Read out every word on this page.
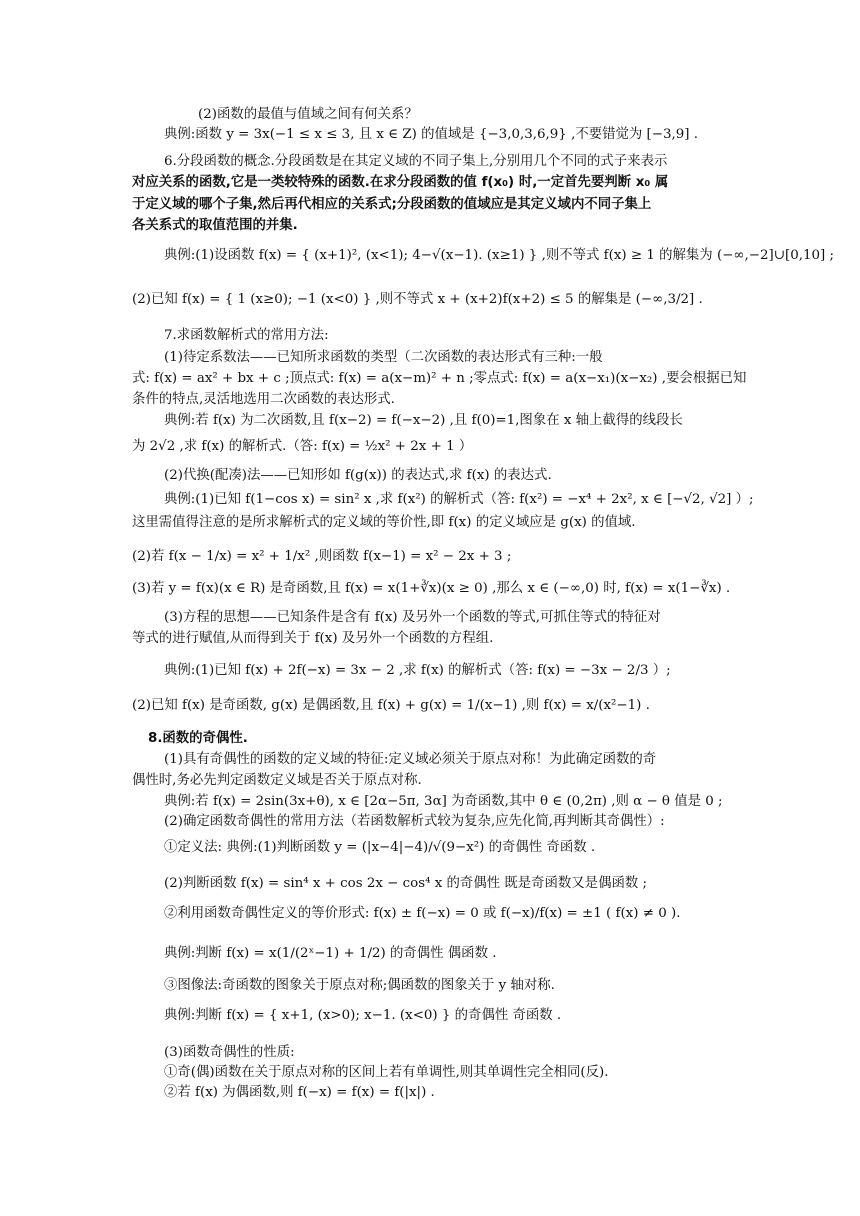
(2)函数的最值与值域之间有何关系？
典例:函数 y = 3x(−1 ≤ x ≤ 3, 且 x ∈ Z) 的值域是 {−3,0,3,6,9} ,不要错觉为 [−3,9] .
6.分段函数的概念.分段函数是在其定义域的不同子集上,分别用几个不同的式子来表示
对应关系的函数,它是一类较特殊的函数.在求分段函数的值 f(x₀) 时,一定首先要判断 x₀ 属
于定义域的哪个子集,然后再代相应的关系式;分段函数的值域应是其定义域内不同子集上
各关系式的取值范围的并集.
典例:(1)设函数 f(x) = { (x+1)², (x<1); 4−√(x−1). (x≥1) } ,则不等式 f(x) ≥ 1 的解集为 (−∞,−2]∪[0,10] ;
(2)已知 f(x) = { 1 (x≥0); −1 (x<0) } ,则不等式 x + (x+2)f(x+2) ≤ 5 的解集是 (−∞,3/2] .
7.求函数解析式的常用方法:
(1)待定系数法——已知所求函数的类型（二次函数的表达形式有三种:一般
式: f(x) = ax² + bx + c ;顶点式: f(x) = a(x−m)² + n ;零点式: f(x) = a(x−x₁)(x−x₂) ,要会根据已知
条件的特点,灵活地选用二次函数的表达形式.
典例:若 f(x) 为二次函数,且 f(x−2) = f(−x−2) ,且 f(0)=1,图象在 x 轴上截得的线段长
为 2√2 ,求 f(x) 的解析式.（答: f(x) = ½x² + 2x + 1 ）
(2)代换(配凑)法——已知形如 f(g(x)) 的表达式,求 f(x) 的表达式.
典例:(1)已知 f(1−cos x) = sin² x ,求 f(x²) 的解析式（答: f(x²) = −x⁴ + 2x², x ∈ [−√2, √2] ）;
这里需值得注意的是所求解析式的定义域的等价性,即 f(x) 的定义域应是 g(x) 的值域.
(2)若 f(x − 1/x) = x² + 1/x² ,则函数 f(x−1) = x² − 2x + 3 ;
(3)若 y = f(x)(x ∈ R) 是奇函数,且 f(x) = x(1+∛x)(x ≥ 0) ,那么 x ∈ (−∞,0) 时, f(x) = x(1−∛x) .
(3)方程的思想——已知条件是含有 f(x) 及另外一个函数的等式,可抓住等式的特征对
等式的进行赋值,从而得到关于 f(x) 及另外一个函数的方程组.
典例:(1)已知 f(x) + 2f(−x) = 3x − 2 ,求 f(x) 的解析式（答: f(x) = −3x − 2/3 ）;
(2)已知 f(x) 是奇函数, g(x) 是偶函数,且 f(x) + g(x) = 1/(x−1) ,则 f(x) = x/(x²−1) .
8.函数的奇偶性.
(1)具有奇偶性的函数的定义域的特征:定义域必须关于原点对称！为此确定函数的奇
偶性时,务必先判定函数定义域是否关于原点对称.
典例:若 f(x) = 2sin(3x+θ), x ∈ [2α−5π, 3α] 为奇函数,其中 θ ∈ (0,2π) ,则 α − θ 值是 0 ;
(2)确定函数奇偶性的常用方法（若函数解析式较为复杂,应先化简,再判断其奇偶性）:
①定义法: 典例:(1)判断函数 y = (|x−4|−4)/√(9−x²) 的奇偶性 奇函数 .
(2)判断函数 f(x) = sin⁴ x + cos 2x − cos⁴ x 的奇偶性 既是奇函数又是偶函数 ;
②利用函数奇偶性定义的等价形式: f(x) ± f(−x) = 0 或 f(−x)/f(x) = ±1 ( f(x) ≠ 0 ).
典例:判断 f(x) = x(1/(2ˣ−1) + 1/2) 的奇偶性 偶函数 .
③图像法:奇函数的图象关于原点对称;偶函数的图象关于 y 轴对称.
典例:判断 f(x) = { x+1, (x>0); x−1. (x<0) } 的奇偶性 奇函数 .
(3)函数奇偶性的性质:
①奇(偶)函数在关于原点对称的区间上若有单调性,则其单调性完全相同(反).
②若 f(x) 为偶函数,则 f(−x) = f(x) = f(|x|) .
